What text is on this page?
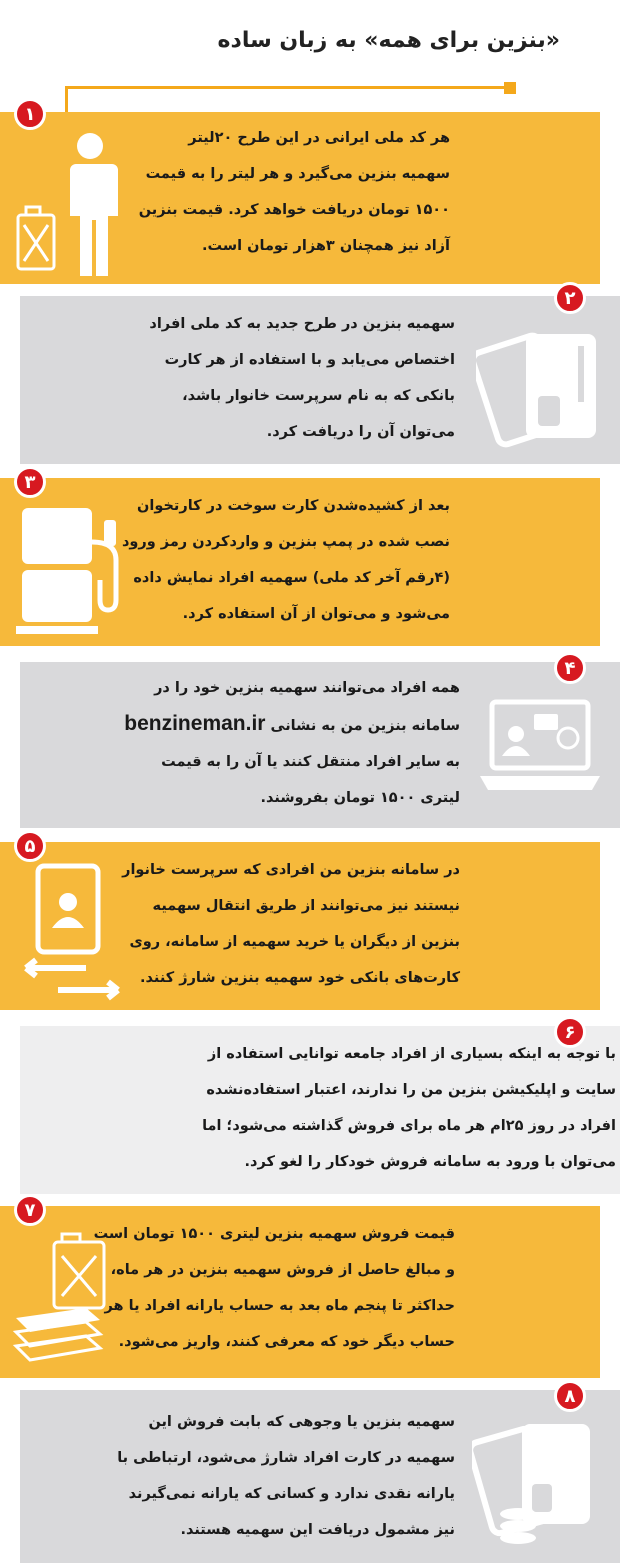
«بنزین برای همه» به زبان ساده
۱
هر کد ملی ایرانی در این طرح ۲۰لیتر
سهمیه بنزین می‌گیرد و هر لیتر را به قیمت
۱۵۰۰ تومان دریافت خواهد کرد. قیمت بنزین
آزاد نیز همچنان ۳هزار تومان است.
۲
سهمیه بنزین در طرح جدید به کد ملی افراد
اختصاص می‌یابد و با استفاده از هر کارت
بانکی که به نام سرپرست خانوار باشد،
می‌توان آن را دریافت کرد.
۳
بعد از کشیده‌شدن کارت سوخت در کارتخوان
نصب شده در پمپ بنزین و واردکردن رمز ورود
(۴رقم آخر کد ملی) سهمیه افراد نمایش داده
می‌شود و می‌توان از آن استفاده کرد.
۴
همه افراد می‌توانند سهمیه بنزین خود را در
سامانه بنزین من به نشانی benzineman.ir
به سایر افراد منتقل کنند یا آن را به قیمت
لیتری ۱۵۰۰ تومان بفروشند.
۵
در سامانه بنزین من افرادی که سرپرست خانوار
نیستند نیز می‌توانند از طریق انتقال سهمیه
بنزین از دیگران یا خرید سهمیه از سامانه، روی
کارت‌های بانکی خود سهمیه بنزین شارژ کنند.
۶
با توجه به اینکه بسیاری از افراد جامعه توانایی استفاده از
سایت و اپلیکیشن بنزین من را ندارند، اعتبار استفاده‌نشده
افراد در روز ۲۵ام هر ماه برای فروش گذاشته می‌شود؛ اما
می‌توان با ورود به سامانه فروش خودکار را لغو کرد.
۷
قیمت فروش سهمیه بنزین لیتری ۱۵۰۰ تومان است
و مبالغ حاصل از فروش سهمیه بنزین در هر ماه،
حداکثر تا پنجم ماه بعد به حساب یارانه افراد یا هر
حساب دیگر خود که معرفی کنند، واریز می‌شود.
۸
سهمیه بنزین یا وجوهی که بابت فروش این
سهمیه در کارت افراد شارژ می‌شود، ارتباطی با
یارانه نقدی ندارد و کسانی که یارانه نمی‌گیرند
نیز مشمول دریافت این سهمیه هستند.
